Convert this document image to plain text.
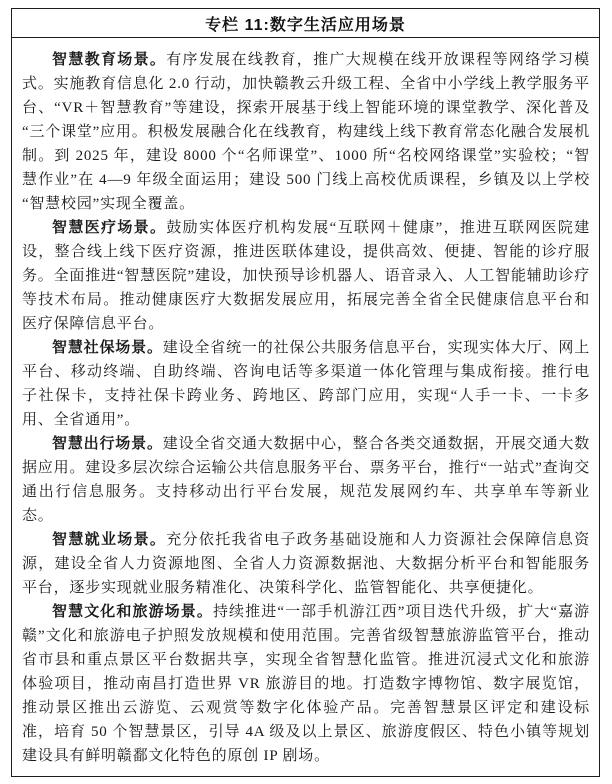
专栏 11:数字生活应用场景

智慧教育场景。有序发展在线教育，推广大规模在线开放课程等网络学习模式。实施教育信息化 2.0 行动，加快赣教云升级工程、全省中小学线上教学服务平台、“VR＋智慧教育”等建设，探索开展基于线上智能环境的课堂教学、深化普及“三个课堂”应用。积极发展融合化在线教育，构建线上线下教育常态化融合发展机制。到 2025 年，建设 8000 个“名师课堂”、1000 所“名校网络课堂”实验校；“智慧作业”在 4—9 年级全面运用；建设 500 门线上高校优质课程，乡镇及以上学校“智慧校园”实现全覆盖。

智慧医疗场景。鼓励实体医疗机构发展“互联网＋健康”，推进互联网医院建设，整合线上线下医疗资源，推进医联体建设，提供高效、便捷、智能的诊疗服务。全面推进“智慧医院”建设，加快预导诊机器人、语音录入、人工智能辅助诊疗等技术布局。推动健康医疗大数据发展应用，拓展完善全省全民健康信息平台和医疗保障信息平台。

智慧社保场景。建设全省统一的社保公共服务信息平台，实现实体大厅、网上平台、移动终端、自助终端、咨询电话等多渠道一体化管理与集成衔接。推行电子社保卡，支持社保卡跨业务、跨地区、跨部门应用，实现“人手一卡、一卡多用、全省通用”。

智慧出行场景。建设全省交通大数据中心，整合各类交通数据，开展交通大数据应用。建设多层次综合运输公共信息服务平台、票务平台，推行“一站式”查询交通出行信息服务。支持移动出行平台发展，规范发展网约车、共享单车等新业态。

智慧就业场景。充分依托我省电子政务基础设施和人力资源社会保障信息资源，建设全省人力资源地图、全省人力资源数据池、大数据分析平台和智能服务平台，逐步实现就业服务精准化、决策科学化、监管智能化、共享便捷化。

智慧文化和旅游场景。持续推进“一部手机游江西”项目迭代升级，扩大“嘉游赣”文化和旅游电子护照发放规模和使用范围。完善省级智慧旅游监管平台，推动省市县和重点景区平台数据共享，实现全省智慧化监管。推进沉浸式文化和旅游体验项目，推动南昌打造世界 VR 旅游目的地。打造数字博物馆、数字展览馆，推动景区推出云游览、云观赏等数字化体验产品。完善智慧景区评定和建设标准，培育 50 个智慧景区，引导 4A 级及以上景区、旅游度假区、特色小镇等规划建设具有鲜明赣鄱文化特色的原创 IP 剧场。
